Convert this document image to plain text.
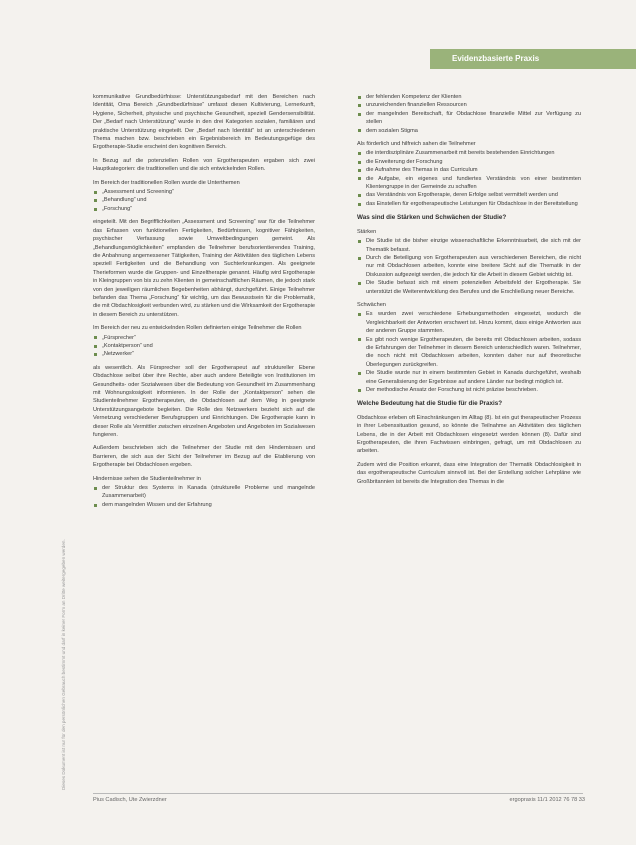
Evidenzbasierte Praxis
Dieses Dokument ist nur für den persönlichen Gebrauch bestimmt und darf in keiner Form an Dritte weitergegeben werden.

kommunikative Grundbedürfnisse: Unterstützungsbedarf mit den Bereichen nach Identität, Oma Bereich „Grundbedürfnisse“ umfasst diesen Kultivierung, Lernerkunft, Hygiene, Sicherheit, physische und psychische Gesundheit, speziell Gendersensibilität. Der „Bedarf nach Unterstützung“ wurde in den drei Kategorien sozialen, familiären und praktische Unterstützung eingeteilt. Der „Bedarf nach Identität“ ist an unterschiedenen Thema machen bzw. beschrieben ein Ergebnisbereich im Bedeutungsgefüge des Ergotherapie-Studie erscheint den kognitiven Bereich.

In Bezug auf die potenziellen Rollen von Ergotherapeuten ergaben sich zwei Hauptkategorien: die traditionellen und die sich entwickelnden Rollen.

Im Bereich der traditionellen Rollen wurde die Unterthemen

„Assessment und Screening“
„Behandlung“ und
„Forschung“

eingeteilt. Mit den Begrifflichkeiten „Assessment und Screening“ war für die Teilnehmer das Erfassen von funktionellen Fertigkeiten, Bedürfnissen, kognitiver Fähigkeiten, psychischer Verfassung sowie Umweltbedingungen gemeint. Als „Behandlungsmöglichkeiten“ empfanden die Teilnehmer berufsorientierendes Training, die Anbahnung angemessener Tätigkeiten, Training der Aktivitäten des täglichen Lebens speziell Fertigkeiten und die Behandlung von Suchterkrankungen. Als geeignete Therieformen wurde die Gruppen- und Einzeltherapie genannt. Häufig wird Ergotherapie in Kleingruppen von bis zu zehn Klienten in gemeinschaftlichen Räumen, die jedoch stark von den jeweiligen räumlichen Begebenheiten abhängt, durchgeführt. Einige Teilnehmer befanden das Thema „Forschung“ für wichtig, um das Bewusstsein für die Problematik, die mit Obdachlosigkeit verbunden wird, zu stärken und die Wirksamkeit der Ergotherapie in diesem Bereich zu unterstützen.

Im Bereich der neu zu entwickelnden Rollen definierten einige Teilnehmer die Rollen

„Fürsprecher“
„Kontaktperson“ und
„Netzwerker“

als wesentlich. Als Fürsprecher soll der Ergotherapeut auf struktureller Ebene Obdachlose selbst über ihre Rechte, aber auch andere Beteiligte von Institutionen im Gesundheits- oder Sozialwesen über die Bedeutung von Gesundheit im Zusammenhang mit Wohnungslosigkeit informieren. In der Rolle der „Kontaktperson“ sehen die Studienteilnehmer Ergotherapeuten, die Obdachlosen auf dem Weg in geeignete Unterstützungsangebote begleiten. Die Rolle des Netzwerkers bezieht sich auf die Vernetzung verschiedener Berufsgruppen und Einrichtungen. Die Ergotherapie kann in dieser Rolle als Vermittler zwischen einzelnen Angeboten und Angeboten im Sozialwesen fungieren.

Außerdem beschrieben sich die Teilnehmer der Studie mit den Hindernissen und Barrieren, die sich aus der Sicht der Teilnehmer im Bezug auf die Etablierung von Ergotherapie bei Obdachlosen ergeben.

Hindernisse sehen die Studienteilnehmer in

der Struktur des Systems in Kanada (strukturelle Probleme und mangelnde Zusammenarbeit)
dem mangelnden Wissen und der Erfahrung
der fehlenden Kompetenz der Klienten
unzureichenden finanziellen Ressourcen
der mangelnden Bereitschaft, für Obdachlose finanzielle Mittel zur Verfügung zu stellen
dem sozialen Stigma

Als förderlich und hilfreich sahen die Teilnehmer

die interdisziplinäre Zusammenarbeit mit bereits bestehenden Einrichtungen
die Erweiterung der Forschung
die Aufnahme des Themas in das Curriculum
die Aufgabe, ein eigenes und fundiertes Verständnis von einer bestimmten Klientengruppe in der Gemeinde zu schaffen
das Verständnis von Ergotherapie, deren Erfolge selbst vermittelt werden und
das Einstellen für ergotherapeutische Leistungen für Obdachlose in der Bereitstellung
Was sind die Stärken und Schwächen der Studie?
Stärken
Die Studie ist die bisher einzige wissenschaftliche Erkenntnisarbeit, die sich mit der Thematik befasst.
Durch die Beteiligung von Ergotherapeuten aus verschiedenen Bereichen, die nicht nur mit Obdachlosen arbeiten, konnte eine breitere Sicht auf die Thematik in der Diskussion aufgezeigt werden, die jedoch für die Arbeit in diesem Gebiet wichtig ist.
Die Studie befasst sich mit einem potenziellen Arbeitsfeld der Ergotherapie. Sie unterstützt die Weiterentwicklung des Berufes und die Erschließung neuer Bereiche.
Schwächen
Es wurden zwei verschiedene Erhebungsmethoden eingesetzt, wodurch die Vergleichbarkeit der Antworten erschwert ist. Hinzu kommt, dass einige Antworten aus der anderen Gruppe stammten.
Es gibt noch wenige Ergotherapeuten, die bereits mit Obdachlosen arbeiten, sodass die Erfahrungen der Teilnehmer in diesem Bereich unterschiedlich waren. Teilnehmer, die noch nicht mit Obdachlosen arbeiten, konnten daher nur auf theoretische Überlegungen zurückgreifen.
Die Studie wurde nur in einem bestimmten Gebiet in Kanada durchgeführt, weshalb eine Generalisierung der Ergebnisse auf andere Länder nur bedingt möglich ist.
Der methodische Ansatz der Forschung ist nicht präzise beschrieben.
Welche Bedeutung hat die Studie für die Praxis?

Obdachlose erleben oft Einschränkungen im Alltag (8). Ist ein gut therapeutischer Prozess in ihrer Lebenssituation gesund, so könnte die Teilnahme an Aktivitäten des täglichen Lebens, die in der Arbeit mit Obdachlosen eingesetzt werden können (8). Dafür sind Ergotherapeuten, die ihren Fachwissen einbringen, gefragt, um mit Obdachlosen zu arbeiten.

Zudem wird die Position erkannt, dass eine Integration der Thematik Obdachlosigkeit in das ergotherapeutische Curriculum sinnvoll ist. Bei der Erstellung solcher Lehrpläne wie Großbritannien ist bereits die Integration des Themas in die

Pius Cadisch, Ute Zwierzdner	ergopraxis 11/1 2012 76 78 33
